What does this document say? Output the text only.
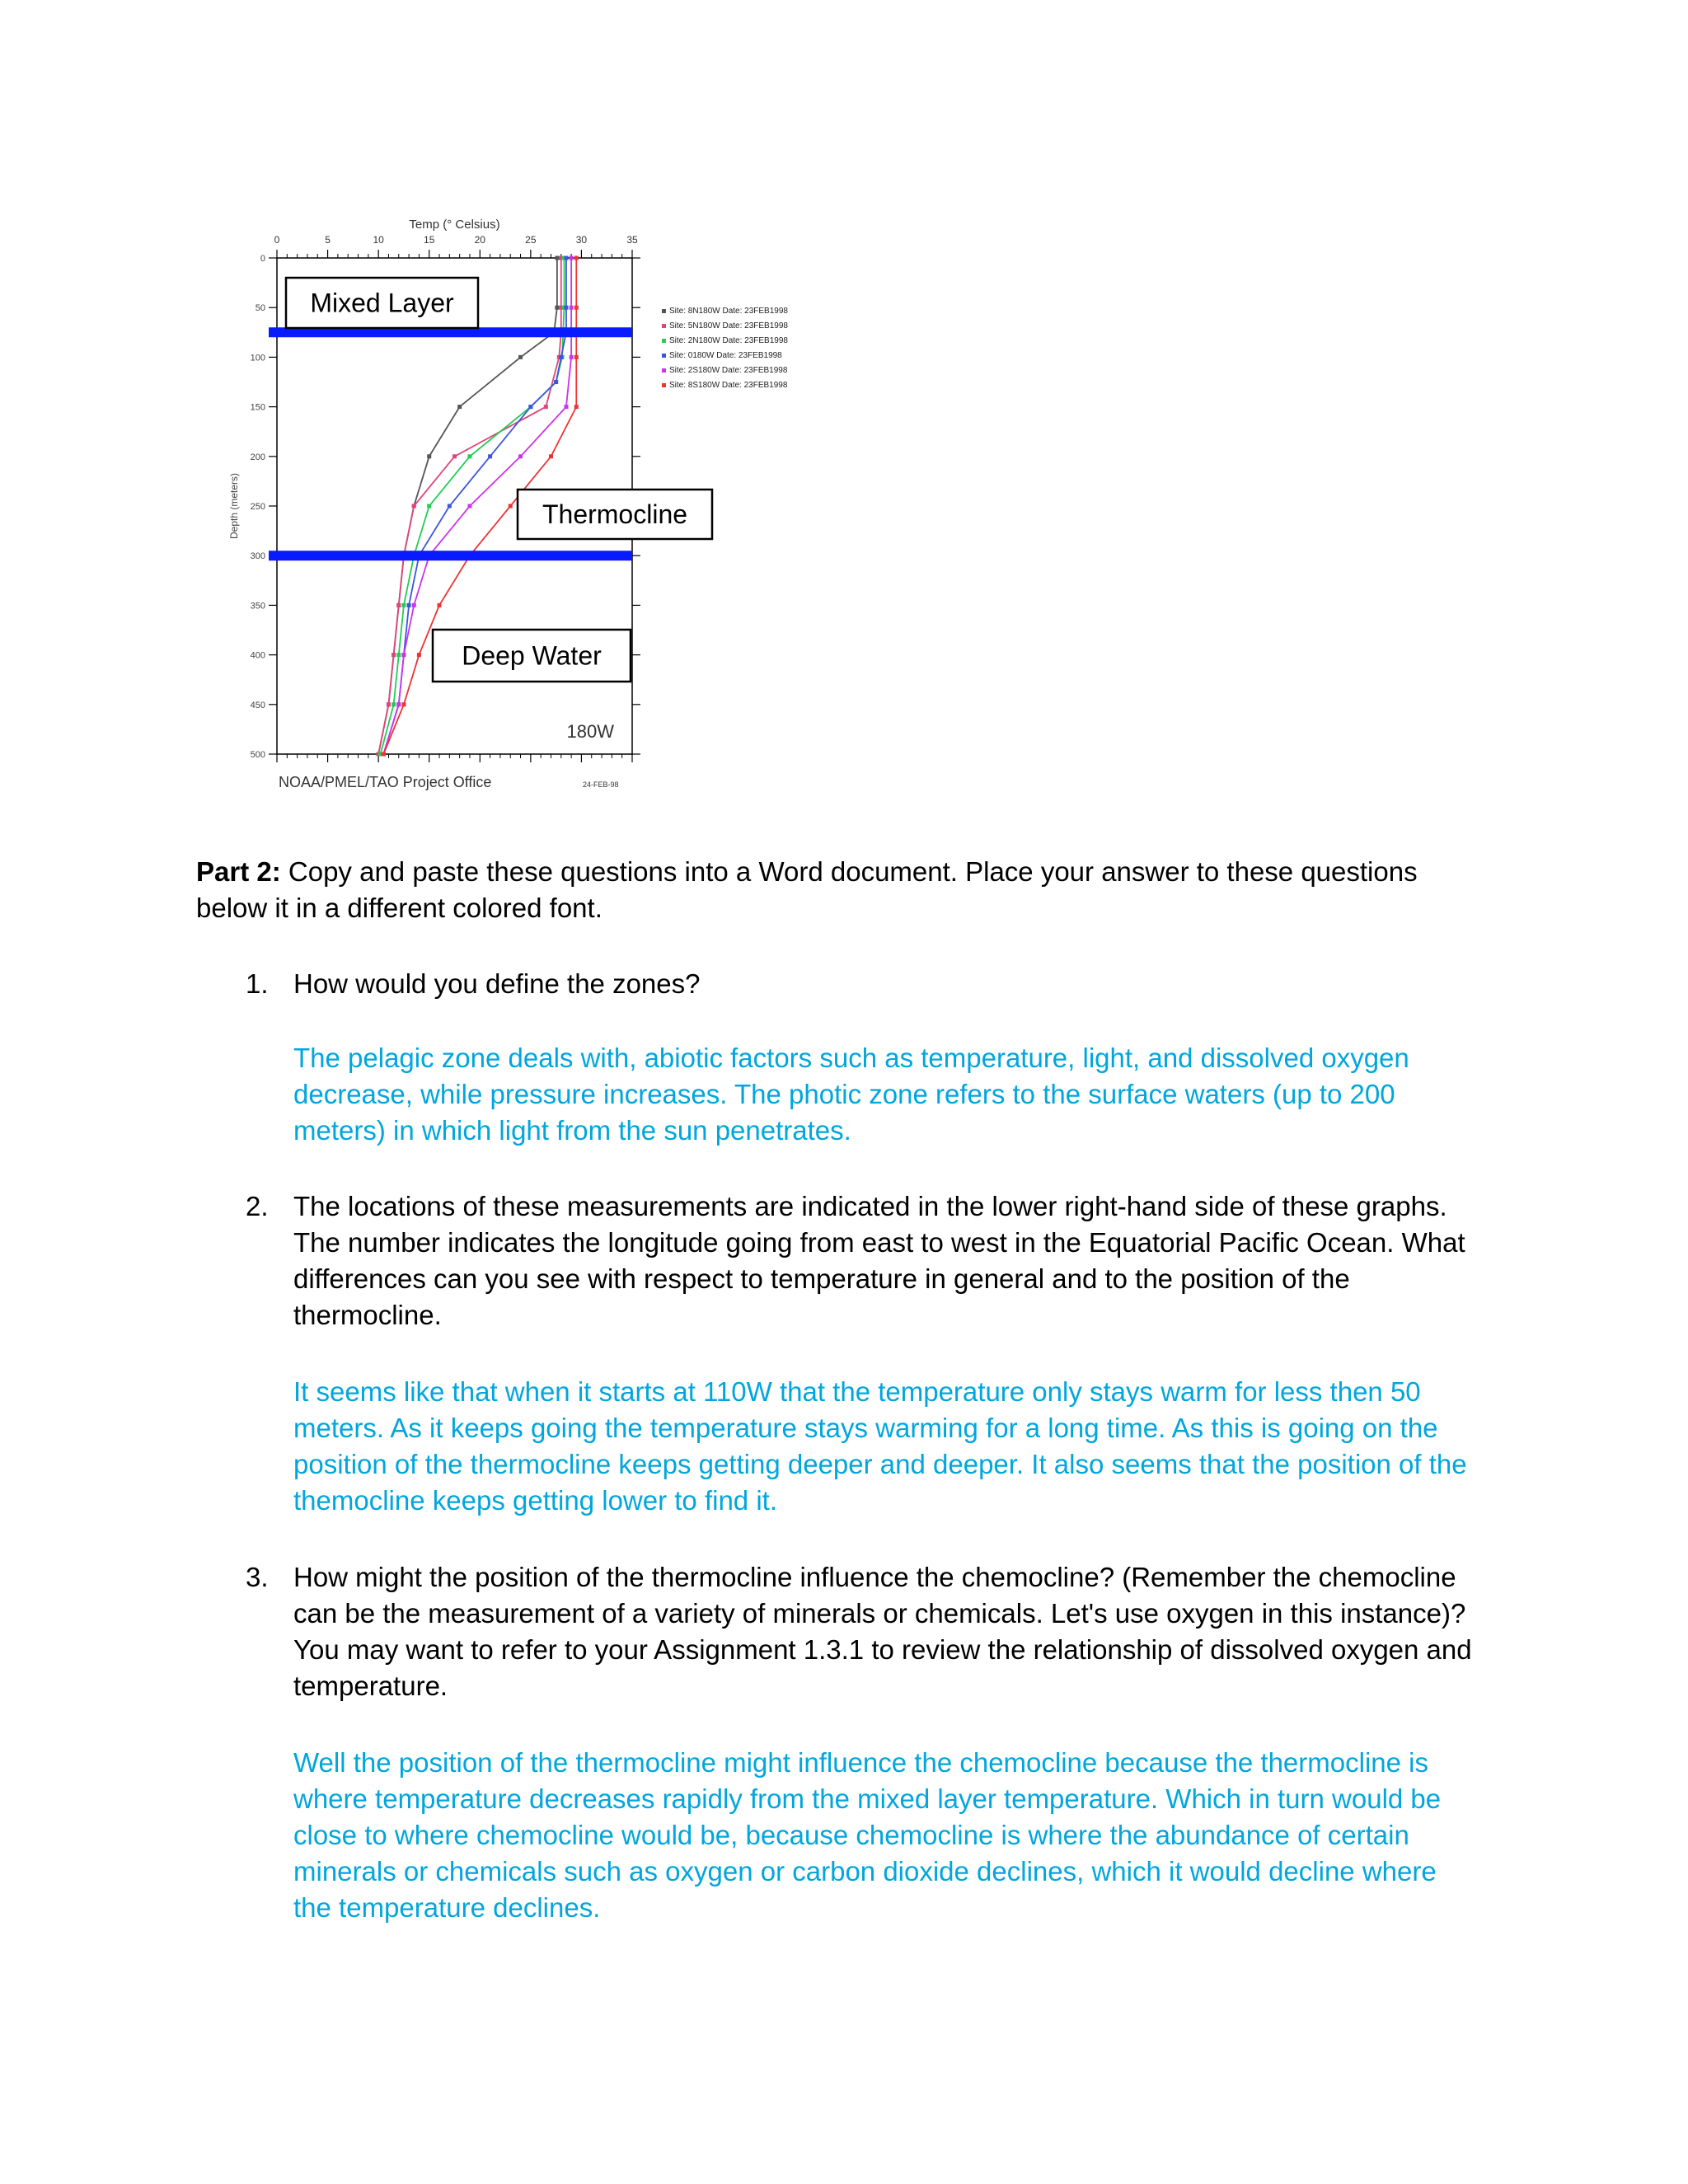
0	5	10	15	20	25	30	35
Temp (° Celsius)
0
50
100
150
200
250
300
350
400
450
500
Depth (meters)
Mixed Layer
Thermocline
Deep Water
Site: 8N180W Date: 23FEB1998
Site: 5N180W Date: 23FEB1998
Site: 2N180W Date: 23FEB1998
Site: 0180W Date: 23FEB1998
Site: 2S180W Date: 23FEB1998
Site: 8S180W Date: 23FEB1998
180W
NOAA/PMEL/TAO Project Office	24-FEB-98
Part 2: Copy and paste these questions into a Word document. Place your answer to these questions below it in a different colored font.
1. How would you define the zones?
The pelagic zone deals with, abiotic factors such as temperature, light, and dissolved oxygen decrease, while pressure increases. The photic zone refers to the surface waters (up to 200 meters) in which light from the sun penetrates.
2. The locations of these measurements are indicated in the lower right-hand side of these graphs. The number indicates the longitude going from east to west in the Equatorial Pacific Ocean. What differences can you see with respect to temperature in general and to the position of the thermocline.
It seems like that when it starts at 110W that the temperature only stays warm for less then 50 meters. As it keeps going the temperature stays warming for a long time. As this is going on the position of the thermocline keeps getting deeper and deeper. It also seems that the position of the themocline keeps getting lower to find it.
3. How might the position of the thermocline influence the chemocline? (Remember the chemocline can be the measurement of a variety of minerals or chemicals. Let's use oxygen in this instance)? You may want to refer to your Assignment 1.3.1 to review the relationship of dissolved oxygen and temperature.
Well the position of the thermocline might influence the chemocline because the thermocline is where temperature decreases rapidly from the mixed layer temperature. Which in turn would be close to where chemocline would be, because chemocline is where the abundance of certain minerals or chemicals such as oxygen or carbon dioxide declines, which it would decline where the temperature declines.
